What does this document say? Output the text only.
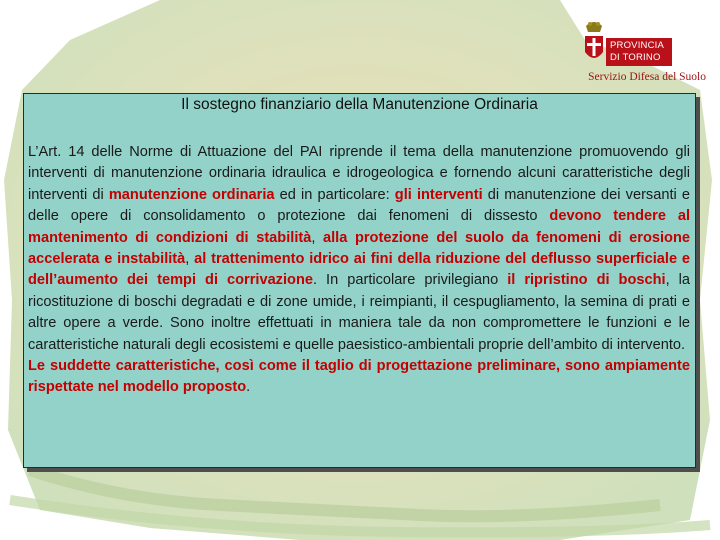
PROVINCIA
DI TORINO
Servizio Difesa del Suolo
Il sostegno finanziario della Manutenzione Ordinaria

L’Art. 14 delle Norme di Attuazione del PAI riprende il tema della manutenzione promuovendo gli interventi di manutenzione ordinaria idraulica e idrogeologica e fornendo alcuni caratteristiche degli interventi di manutenzione ordinaria ed in particolare: gli interventi di manutenzione dei versanti e delle opere di consolidamento o protezione dai fenomeni di dissesto devono tendere al mantenimento di condizioni di stabilità, alla protezione del suolo da fenomeni di erosione accelerata e instabilità, al trattenimento idrico ai fini della riduzione del deflusso superficiale e dell’aumento dei tempi di corrivazione. In particolare privilegiano il ripristino di boschi, la ricostituzione di boschi degradati e di zone umide, i reimpianti, il cespugliamento, la semina di prati e altre opere a verde. Sono inoltre effettuati in maniera tale da non compromettere le funzioni e le caratteristiche naturali degli ecosistemi e quelle paesistico-ambientali proprie dell’ambito di intervento.
Le suddette caratteristiche, così come il taglio di progettazione preliminare, sono ampiamente rispettate nel modello proposto.
